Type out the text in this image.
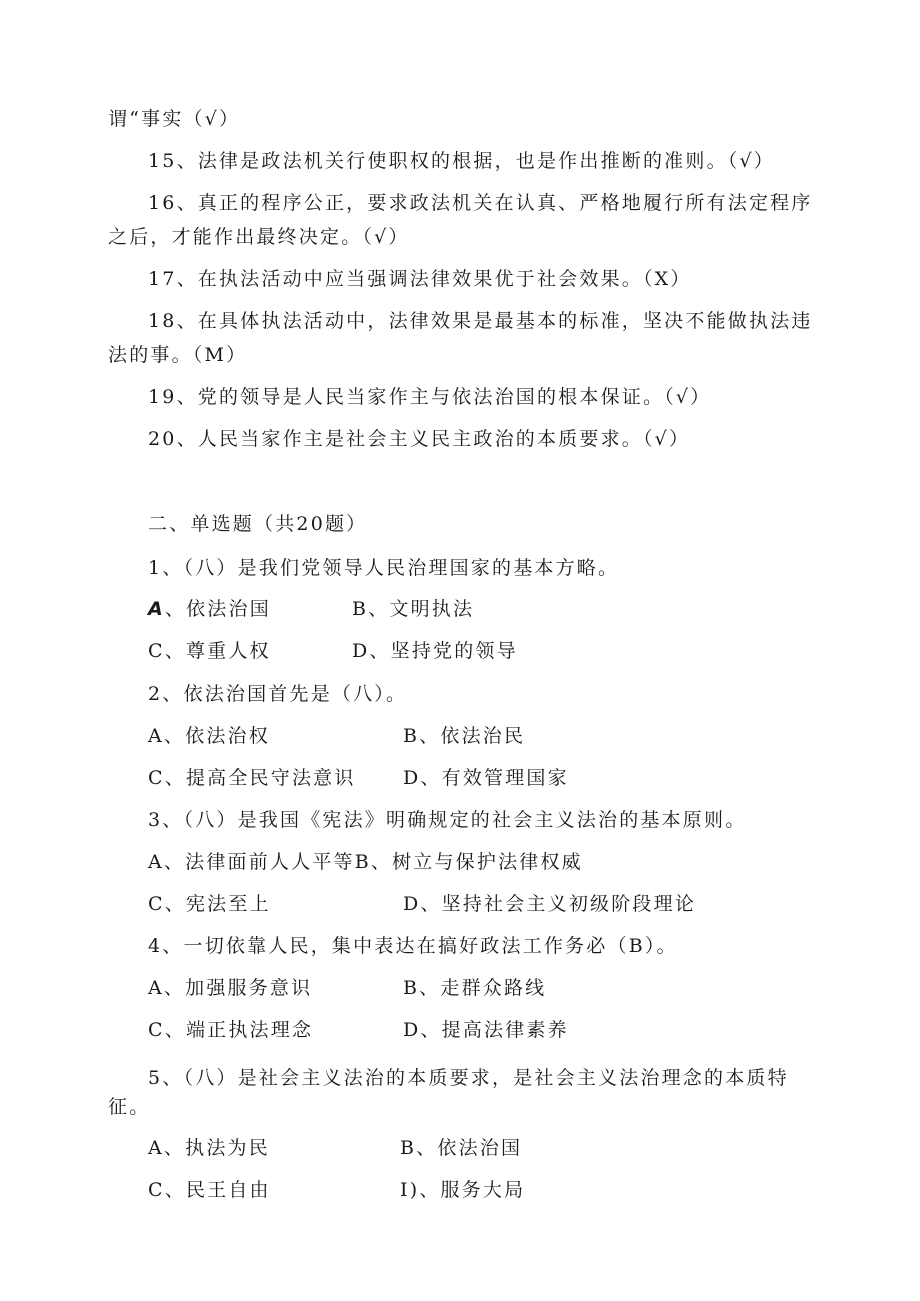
谓“事实（√）
15、法律是政法机关行使职权的根据，也是作出推断的准则。（√）
16、真正的程序公正，要求政法机关在认真、严格地履行所有法定程序
之后，才能作出最终决定。（√）
17、在执法活动中应当强调法律效果优于社会效果。（X）
18、在具体执法活动中，法律效果是最基本的标准，坚决不能做执法违
法的事。（M）
19、党的领导是人民当家作主与依法治国的根本保证。（√）
20、人民当家作主是社会主义民主政治的本质要求。（√）
二、单选题（共20题）
1、（八）是我们党领导人民治理国家的基本方略。
A、依法治国	B、文明执法
C、尊重人权	D、坚持党的领导
2、依法治国首先是（八）。
A、依法治权	B、依法治民
C、提高全民守法意识 D、有效管理国家
3、（八）是我国《宪法》明确规定的社会主义法治的基本原则。
A、法律面前人人平等B、树立与保护法律权威
C、宪法至上	D、坚持社会主义初级阶段理论
4、一切依靠人民，集中表达在搞好政法工作务必（B）。
A、加强服务意识	B、走群众路线
C、端正执法理念	D、提高法律素养
5、（八）是社会主义法治的本质要求，是社会主义法治理念的本质特
征。
A、执法为民	B、依法治国
C、民王自由	I)、服务大局
